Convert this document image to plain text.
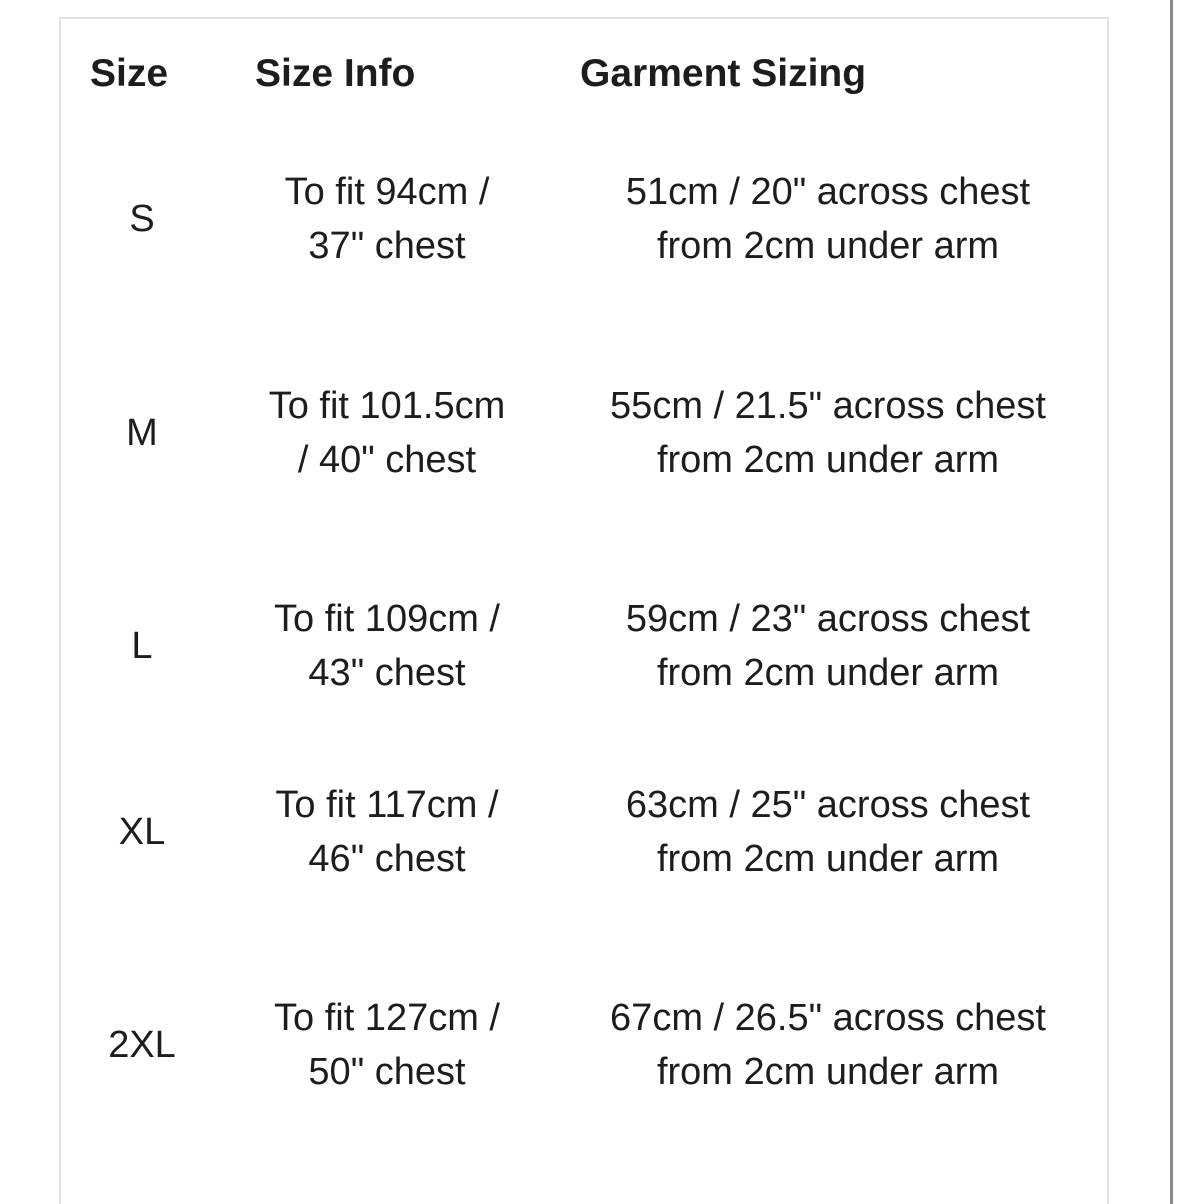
Size Size Info	Garment Sizing
S
To fit 94cm / 37" chest
51cm / 20" across chest from 2cm under arm
M
To fit 101.5cm / 40" chest
55cm / 21.5" across chest from 2cm under arm
L
To fit 109cm / 43" chest
59cm / 23" across chest from 2cm under arm
XL
To fit 117cm / 46" chest
63cm / 25" across chest from 2cm under arm
2XL
To fit 127cm / 50" chest
67cm / 26.5" across chest from 2cm under arm
